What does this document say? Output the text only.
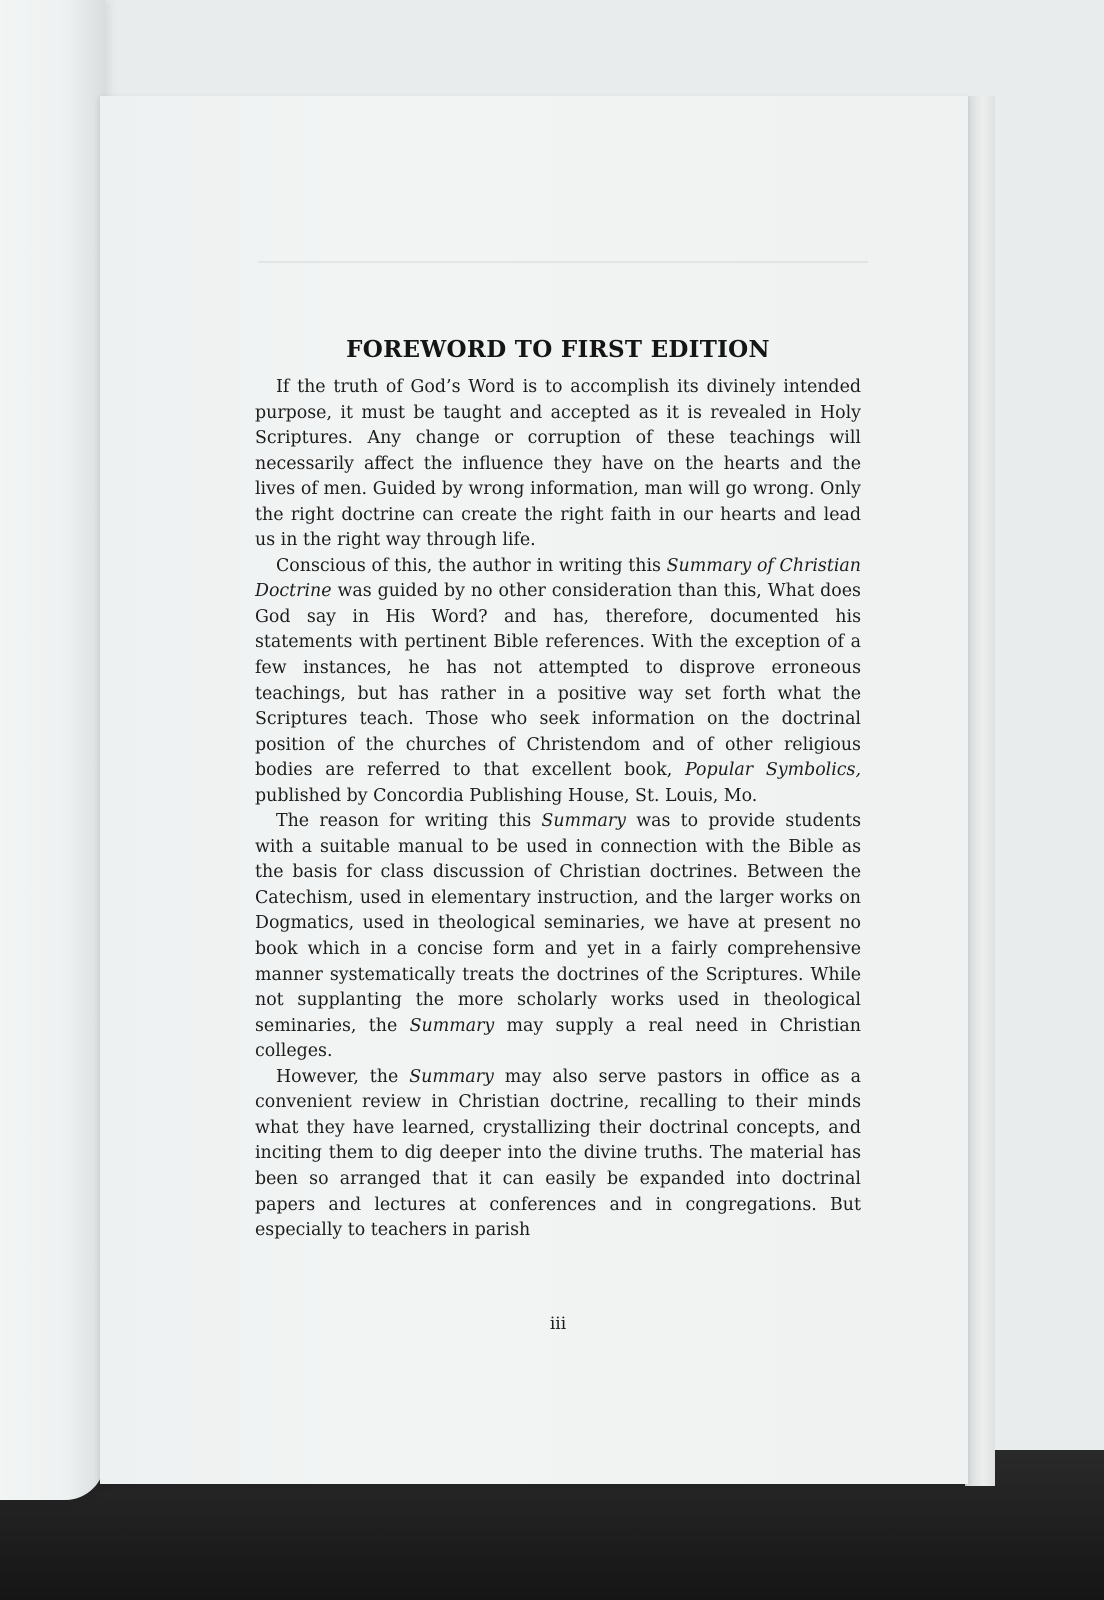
FOREWORD TO FIRST EDITION

If the truth of God’s Word is to accomplish its divinely intended purpose, it must be taught and accepted as it is revealed in Holy Scriptures. Any change or corruption of these teachings will necessarily affect the influence they have on the hearts and the lives of men. Guided by wrong information, man will go wrong. Only the right doctrine can create the right faith in our hearts and lead us in the right way through life.

Conscious of this, the author in writing this Summary of Christian Doctrine was guided by no other consideration than this, What does God say in His Word? and has, therefore, documented his statements with pertinent Bible references. With the exception of a few instances, he has not attempted to disprove erroneous teachings, but has rather in a positive way set forth what the Scriptures teach. Those who seek information on the doctrinal position of the churches of Christendom and of other religious bodies are referred to that excellent book, Popular Symbolics, published by Concordia Publishing House, St. Louis, Mo.

The reason for writing this Summary was to provide students with a suitable manual to be used in connection with the Bible as the basis for class discussion of Christian doctrines. Between the Catechism, used in elementary instruction, and the larger works on Dogmatics, used in theological seminaries, we have at present no book which in a concise form and yet in a fairly comprehensive manner systematically treats the doctrines of the Scriptures. While not supplanting the more scholarly works used in theological seminaries, the Summary may supply a real need in Christian colleges.

However, the Summary may also serve pastors in office as a convenient review in Christian doctrine, recalling to their minds what they have learned, crystallizing their doctrinal concepts, and inciting them to dig deeper into the divine truths. The material has been so arranged that it can easily be expanded into doctrinal papers and lectures at conferences and in congregations. But especially to teachers in parish

iii
